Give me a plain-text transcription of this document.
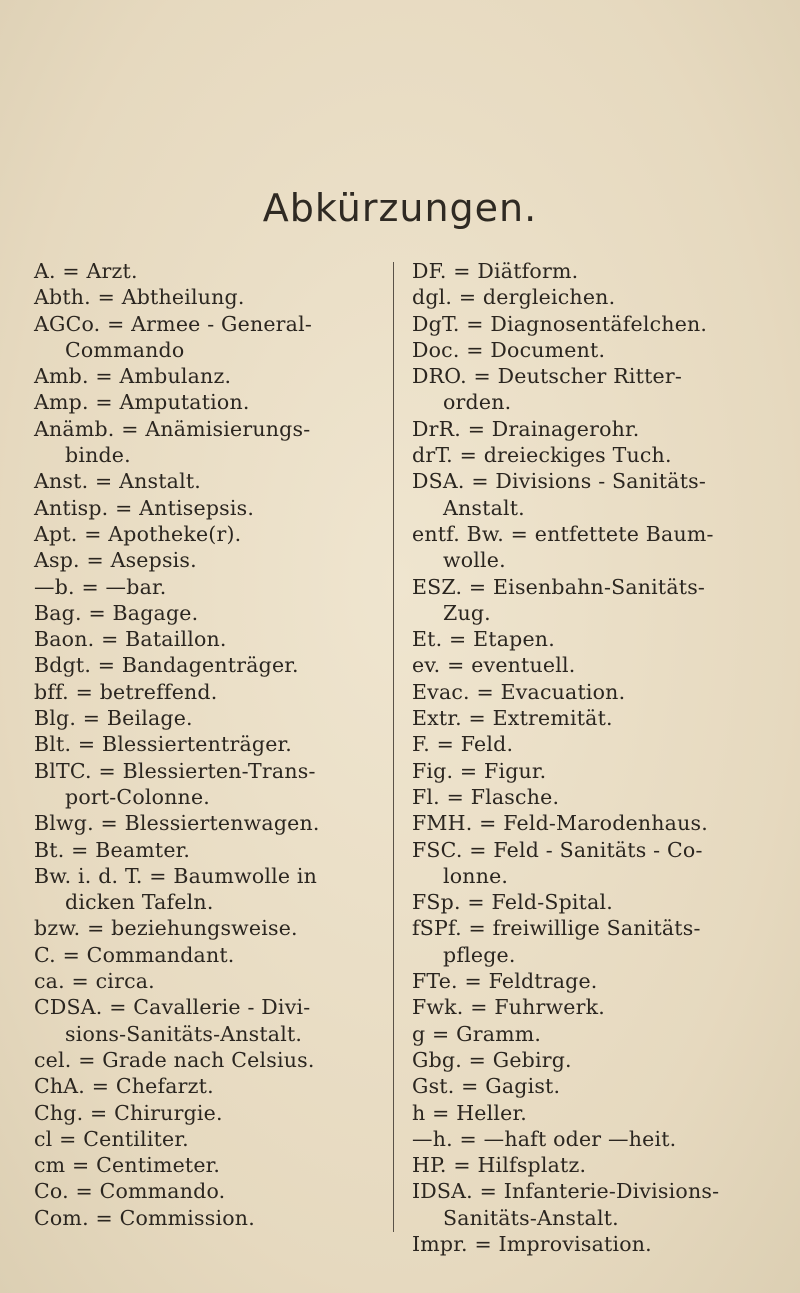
Abkürzungen.
A. = Arzt.
Abth. = Abtheilung.
AGCo. = Armee - General-
Commando
Amb. = Ambulanz.
Amp. = Amputation.
Anämb. = Anämisierungs-
binde.
Anst. = Anstalt.
Antisp. = Antisepsis.
Apt. = Apotheke(r).
Asp. = Asepsis.
—b. = —bar.
Bag. = Bagage.
Baon. = Bataillon.
Bdgt. = Bandagenträger.
bff. = betreffend.
Blg. = Beilage.
Blt. = Blessiertenträger.
BlTC. = Blessierten-Trans-
port-Colonne.
Blwg. = Blessiertenwagen.
Bt. = Beamter.
Bw. i. d. T. = Baumwolle in
dicken Tafeln.
bzw. = beziehungsweise.
C. = Commandant.
ca. = circa.
CDSA. = Cavallerie - Divi-
sions-Sanitäts-Anstalt.
cel. = Grade nach Celsius.
ChA. = Chefarzt.
Chg. = Chirurgie.
cl = Centiliter.
cm = Centimeter.
Co. = Commando.
Com. = Commission.
DF. = Diätform.
dgl. = dergleichen.
DgT. = Diagnosentäfelchen.
Doc. = Document.
DRO. = Deutscher Ritter-
orden.
DrR. = Drainagerohr.
drT. = dreieckiges Tuch.
DSA. = Divisions - Sanitäts-
Anstalt.
entf. Bw. = entfettete Baum-
wolle.
ESZ. = Eisenbahn-Sanitäts-
Zug.
Et. = Etapen.
ev. = eventuell.
Evac. = Evacuation.
Extr. = Extremität.
F. = Feld.
Fig. = Figur.
Fl. = Flasche.
FMH. = Feld-Marodenhaus.
FSC. = Feld - Sanitäts - Co-
lonne.
FSp. = Feld-Spital.
fSPf. = freiwillige Sanitäts-
pflege.
FTe. = Feldtrage.
Fwk. = Fuhrwerk.
g = Gramm.
Gbg. = Gebirg.
Gst. = Gagist.
h = Heller.
—h. = —haft oder —heit.
HP. = Hilfsplatz.
IDSA. = Infanterie-Divisions-
Sanitäts-Anstalt.
Impr. = Improvisation.
